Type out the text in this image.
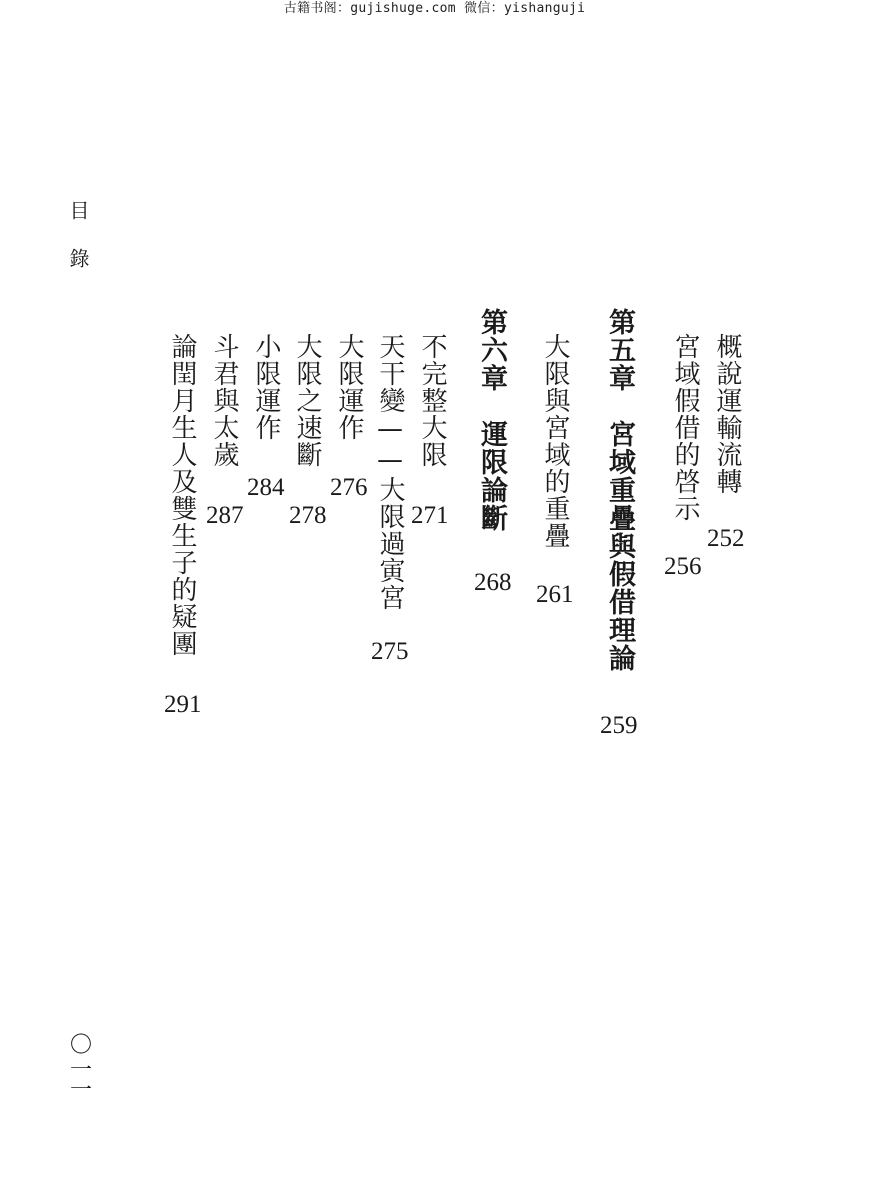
古籍书阁：gujishuge.com 微信：yishanguji
目錄
概說運輸流轉
252
宮域假借的啓示
256
第五章　宮域重疊與假借理論
259
大限與宮域的重疊
261
第六章　運限論斷
268
不完整大限
271
天干變——大限過寅宮
275
大限運作
276
大限之速斷
278
小限運作
284
斗君與太歲
287
論閏月生人及雙生子的疑團
291
〇
一
一
